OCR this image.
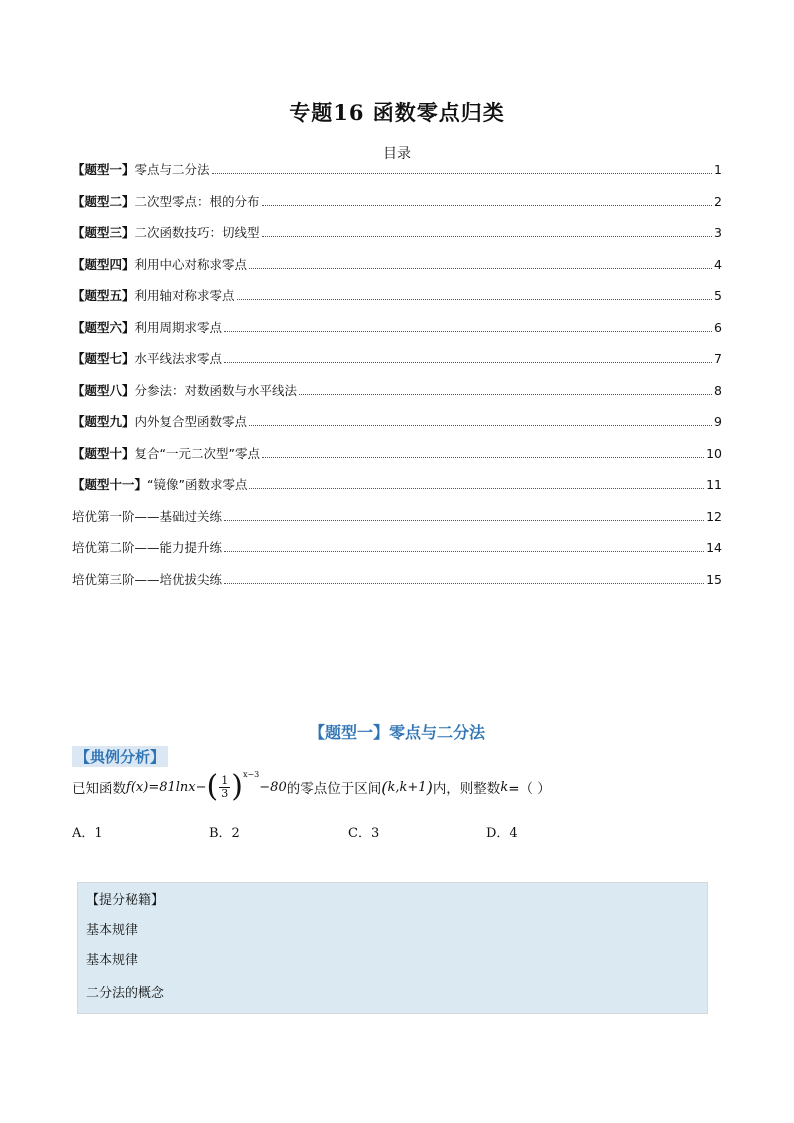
专题16 函数零点归类
目录
【题型一】 零点与二分法	1
【题型二】 二次型零点：根的分布	2
【题型三】 二次函数技巧：切线型	3
【题型四】 利用中心对称求零点	4
【题型五】 利用轴对称求零点	5
【题型六】 利用周期求零点	6
【题型七】 水平线法求零点	7
【题型八】 分参法：对数函数与水平线法	8
【题型九】 内外复合型函数零点	9
【题型十】 复合“一元二次型”零点	10
【题型十一】 “镜像”函数求零点	11
培优第一阶——基础过关练	12
培优第二阶——能力提升练	14
培优第三阶——培优拔尖练	15
【题型一】零点与二分法
【典例分析】
已知函数 f ( x ) =81ln x − ( $\frac{1}{3}$ ) x−3
−80 的零点位于区间 ( k , k +1 ) 内，则整数 k =（ ）
A．1	B．2	C．3	D．4
【提分秘籍】
基本规律
基本规律
二分法的概念
